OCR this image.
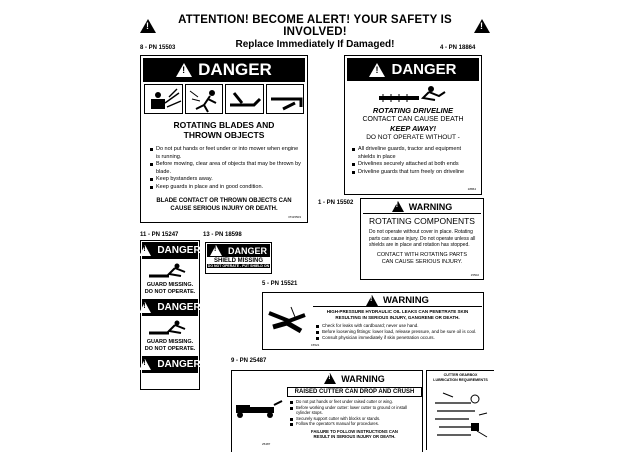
!
ATTENTION! BECOME ALERT! YOUR SAFETY IS INVOLVED!
!
Replace Immediately If Damaged!
8 - PN 15503
!
DANGER
ROTATING BLADES AND
THROWN OBJECTS
Do not put hands or feet under or into mower when engine is running.
Before mowing, clear area of objects that may be thrown by blade.
Keep bystanders away.
Keep guards in place and in good condition.
BLADE CONTACT OR THROWN OBJECTS CAN
CAUSE SERIOUS INJURY OR DEATH.
PN15503
4 - PN 18864
!
DANGER
ROTATING DRIVELINE
CONTACT CAN CAUSE DEATH
KEEP AWAY!
DO NOT OPERATE WITHOUT -
All driveline guards, tractor and equipment shields in place
Drivelines securely attached at both ends
Driveline guards that turn freely on driveline
18864
1 - PN 15502
!	WARNING
ROTATING COMPONENTS
Do not operate without cover in place. Rotating parts can cause injury. Do not operate unless all shields are in place and rotation has stopped.
CONTACT WITH ROTATING PARTS
CAN CAUSE SERIOUS INJURY.
15502
11 - PN 15247
!
DANGER
GUARD MISSING.
DO NOT OPERATE.
!
DANGER
GUARD MISSING.
DO NOT OPERATE.
!
DANGER
13 - PN 18598
!
DANGER
SHIELD MISSING
DO NOT OPERATE - PUT SHIELD ON
5 - PN 15521
!
WARNING
HIGH-PRESSURE HYDRAULIC OIL LEAKS CAN PENETRATE SKIN
RESULTING IN SERIOUS INJURY, GANGRENE OR DEATH.
Check for leaks with cardboard; never use hand.
Before loosening fittings: lower load, release pressure, and be sure oil is cool.
Consult physician immediately if skin penetration occurs.
15521
9 - PN 25487
!
WARNING
RAISED CUTTER CAN DROP AND CRUSH
Do not put hands or feet under raised cutter or wing.
Before working under cutter: lower cutter to ground or install cylinder stops.
Securely support cutter with blocks or stands.
Follow the operator's manual for procedures.
FAILURE TO FOLLOW INSTRUCTIONS CAN
RESULT IN SERIOUS INJURY OR DEATH.
25487
CUTTER GEARBOX
LUBRICATION REQUIREMENTS
